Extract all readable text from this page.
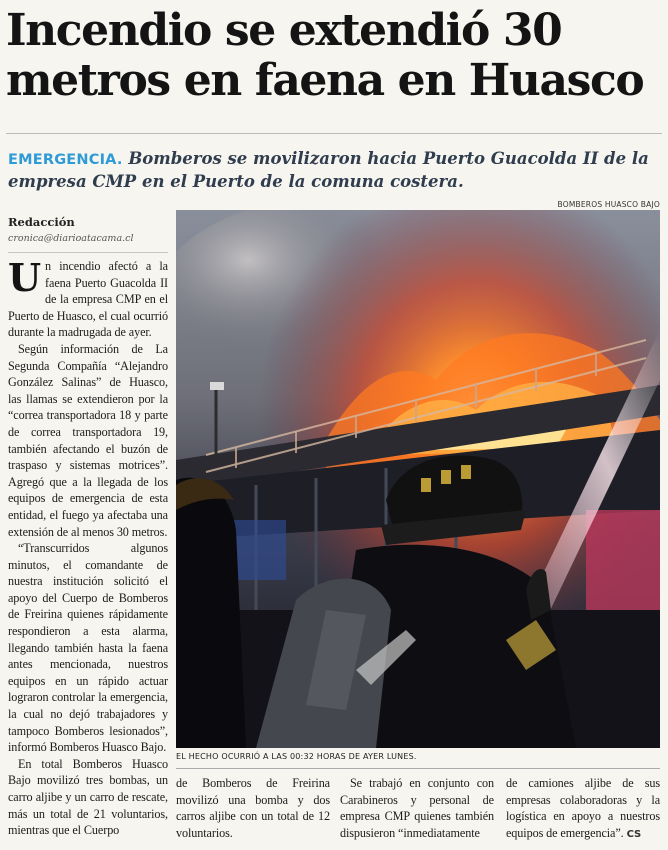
Incendio se extendió 30
metros en faena en Huasco
EMERGENCIA. Bomberos se movilizaron hacia Puerto Guacolda II de la empresa CMP en el Puerto de la comuna costera.
BOMBEROS HUASCO BAJO
Redacción
cronica@diarioatacama.cl

Un incendio afectó a la faena Puerto Guacolda II de la empresa CMP en el Puerto de Huasco, el cual ocurrió durante la madrugada de ayer.

Según información de La Segunda Compañía “Alejandro González Salinas” de Huasco, las llamas se extendieron por la “correa transportadora 18 y parte de correa transportadora 19, también afectando el buzón de traspaso y sistemas motrices”. Agregó que a la llegada de los equipos de emergencia de esta entidad, el fuego ya afectaba una extensión de al menos 30 metros.

“Transcurridos algunos minutos, el comandante de nuestra institución solicitó el apoyo del Cuerpo de Bomberos de Freirina quienes rápidamente respondieron a esta alarma, llegando también hasta la faena antes mencionada, nuestros equipos en un rápido actuar lograron controlar la emergencia, la cual no dejó trabajadores y tampoco Bomberos lesionados”, informó Bomberos Huasco Bajo.

En total Bomberos Huasco Bajo movilizó tres bombas, un carro aljibe y un carro de rescate, más un total de 21 voluntarios, mientras que el Cuerpo

EL HECHO OCURRIÓ A LAS 00:32 HORAS DE AYER LUNES.

de Bomberos de Freirina movilizó una bomba y dos carros aljibe con un total de 12 voluntarios.

Se trabajó en conjunto con Carabineros y personal de empresa CMP quienes también dispusieron “inmediatamente

de camiones aljibe de sus empresas colaboradoras y la logística en apoyo a nuestros equipos de emergencia”. CS
